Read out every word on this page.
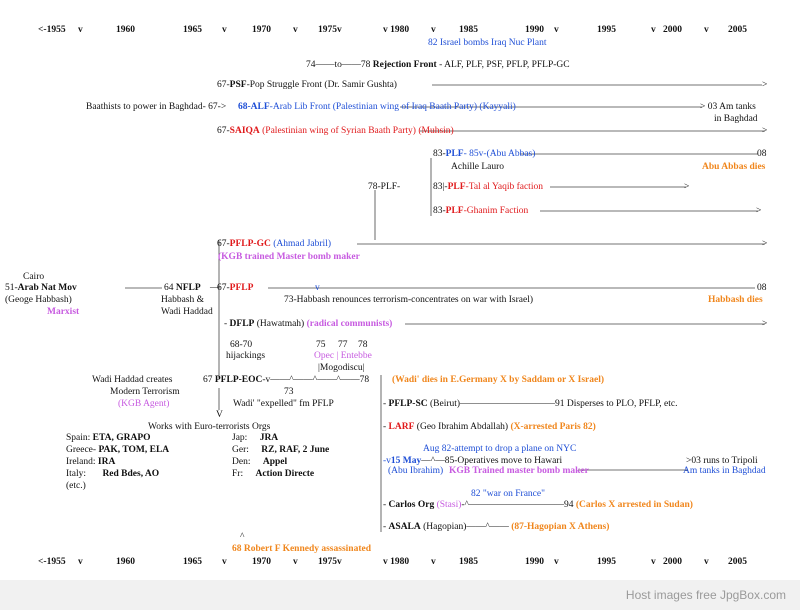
<-1955 v	1960	1965 v	1970 v 1975v	v 1980 v 1985	1990 v	1995	v 2000 v 2005
82 Israel bombs Iraq Nuc Plant
74——to——78 Rejection Front - ALF, PLF, PSF, PFLP, PFLP-GC
67-PSF-Pop Struggle Front (Dr. Samir Gushta)	>
Baathists to power in Baghdad- 67-> 68-ALF-Arab Lib Front (Palestinian wing of Iraq Baath Party) (Kayyali)	> 03 Am tanks
in Baghdad
67-SAIQA (Palestinian wing of Syrian Baath Party) (Muhsin)	>
83-PLF- 85v-(Abu Abbas)	08
Achille Lauro	Abu Abbas dies
78-PLF-	83|-PLF-Tal al Yaqib faction	>
83-PLF-Ghanim Faction	>
67-PFLP-GC (Ahmad Jabril)	>
(KGB trained Master bomb maker
Cairo
51-Arab Nat Mov
(Geoge Habbash)
Marxist
64 NFLP —
Habbash &
Wadi Haddad
67-PFLP	v	08
73-Habbash renounces terrorism-concentrates on war with Israel)	Habbash dies
- DFLP (Hawatmah) (radical communists)	>
68-70
hijackings
75 77 78
Opec | Entebbe
|Mogodiscu|
Wadi Haddad creates	67 PFLP-EOC-v——^——^——^——78 (Wadi' dies in E.Germany X by Saddam or X Israel)
Modern Terrorism	73
(KGB Agent)	Wadi' "expelled" fm PFLP
V
Works with Euro-terrorists Orgs
Spain: ETA, GRAPO	Jap: JRA
Greece- PAK, TOM, ELA	Ger: RZ, RAF, 2 June
Ireland: IRA	Den: Appel
Italy: Red Bdes, AO	Fr: Action Directe
(etc.)
- PFLP-SC (Beirut)——————————91 Disperses to PLO, PFLP, etc.
- LARF (Geo Ibrahim Abdallah) (X-arrested Paris 82)
Aug 82-attempt to drop a plane on NYC
-v15 May—^—85-Operatives move to Hawari	>03 runs to Tripoli
Am tanks in Baghdad
(Abu Ibrahim) KGB Trained master bomb maker
82 "war on France"
- Carlos Org (Stasi)-^——————————94 (Carlos X arrested in Sudan)
- ASALA (Hagopian)——^—— (87-Hagopian X Athens)
^
68 Robert F Kennedy assassinated
<-1955 v	1960	1965 v	1970 v 1975v	v 1980 v 1985	1990 v	1995	v 2000 v 2005
Host images free JpgBox.com
